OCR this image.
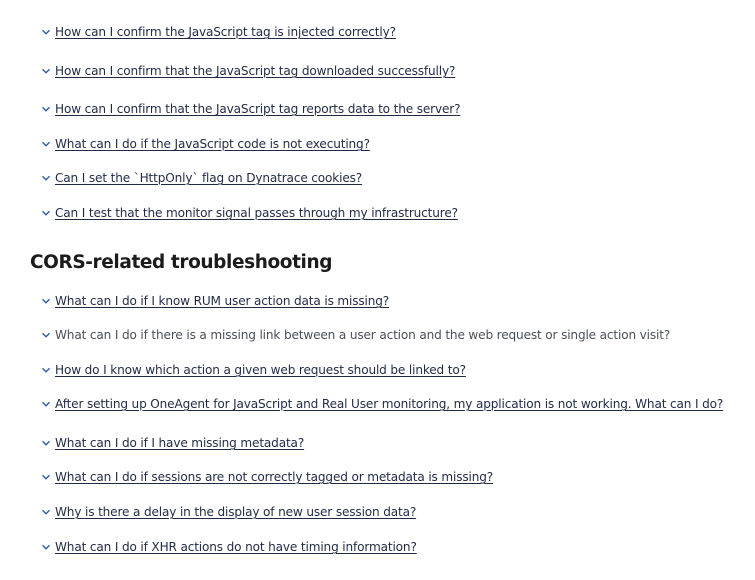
How can I confirm the JavaScript tag is injected correctly?
How can I confirm that the JavaScript tag downloaded successfully?
How can I confirm that the JavaScript tag reports data to the server?
What can I do if the JavaScript code is not executing?
Can I set the `HttpOnly` flag on Dynatrace cookies?
Can I test that the monitor signal passes through my infrastructure?
CORS-related troubleshooting
What can I do if I know RUM user action data is missing?
What can I do if there is a missing link between a user action and the web request or single action visit?
How do I know which action a given web request should be linked to?
After setting up OneAgent for JavaScript and Real User monitoring, my application is not working. What can I do?
What can I do if I have missing metadata?
What can I do if sessions are not correctly tagged or metadata is missing?
Why is there a delay in the display of new user session data?
What can I do if XHR actions do not have timing information?
